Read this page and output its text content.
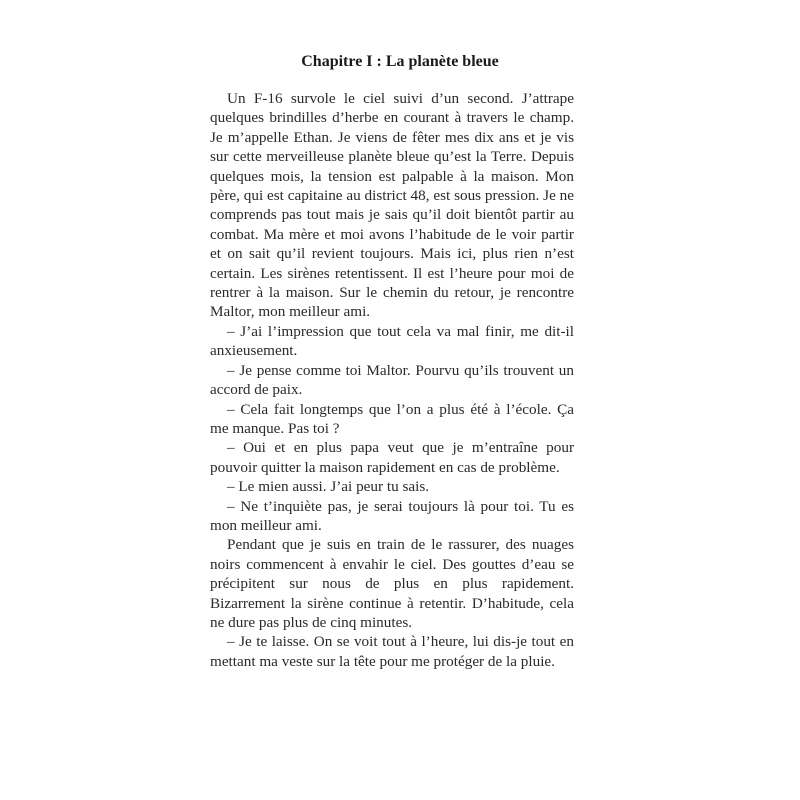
Chapitre I : La planète bleue

Un F-16 survole le ciel suivi d’un second. J’attrape quelques brindilles d’herbe en courant à travers le champ. Je m’appelle Ethan. Je viens de fêter mes dix ans et je vis sur cette merveilleuse planète bleue qu’est la Terre. Depuis quelques mois, la tension est palpable à la maison. Mon père, qui est capitaine au district 48, est sous pression. Je ne comprends pas tout mais je sais qu’il doit bientôt partir au combat. Ma mère et moi avons l’habitude de le voir partir et on sait qu’il revient toujours. Mais ici, plus rien n’est certain. Les sirènes retentissent. Il est l’heure pour moi de rentrer à la maison. Sur le chemin du retour, je rencontre Maltor, mon meilleur ami.

– J’ai l’impression que tout cela va mal finir, me dit-il anxieusement.

– Je pense comme toi Maltor. Pourvu qu’ils trouvent un accord de paix.

– Cela fait longtemps que l’on a plus été à l’école. Ça me manque. Pas toi ?

– Oui et en plus papa veut que je m’entraîne pour pouvoir quitter la maison rapidement en cas de problème.

– Le mien aussi. J’ai peur tu sais.

– Ne t’inquiète pas, je serai toujours là pour toi. Tu es mon meilleur ami.

Pendant que je suis en train de le rassurer, des nuages noirs commencent à envahir le ciel. Des gouttes d’eau se précipitent sur nous de plus en plus rapidement. Bizarrement la sirène continue à retentir. D’habitude, cela ne dure pas plus de cinq minutes.

– Je te laisse. On se voit tout à l’heure, lui dis-je tout en mettant ma veste sur la tête pour me protéger de la pluie.
